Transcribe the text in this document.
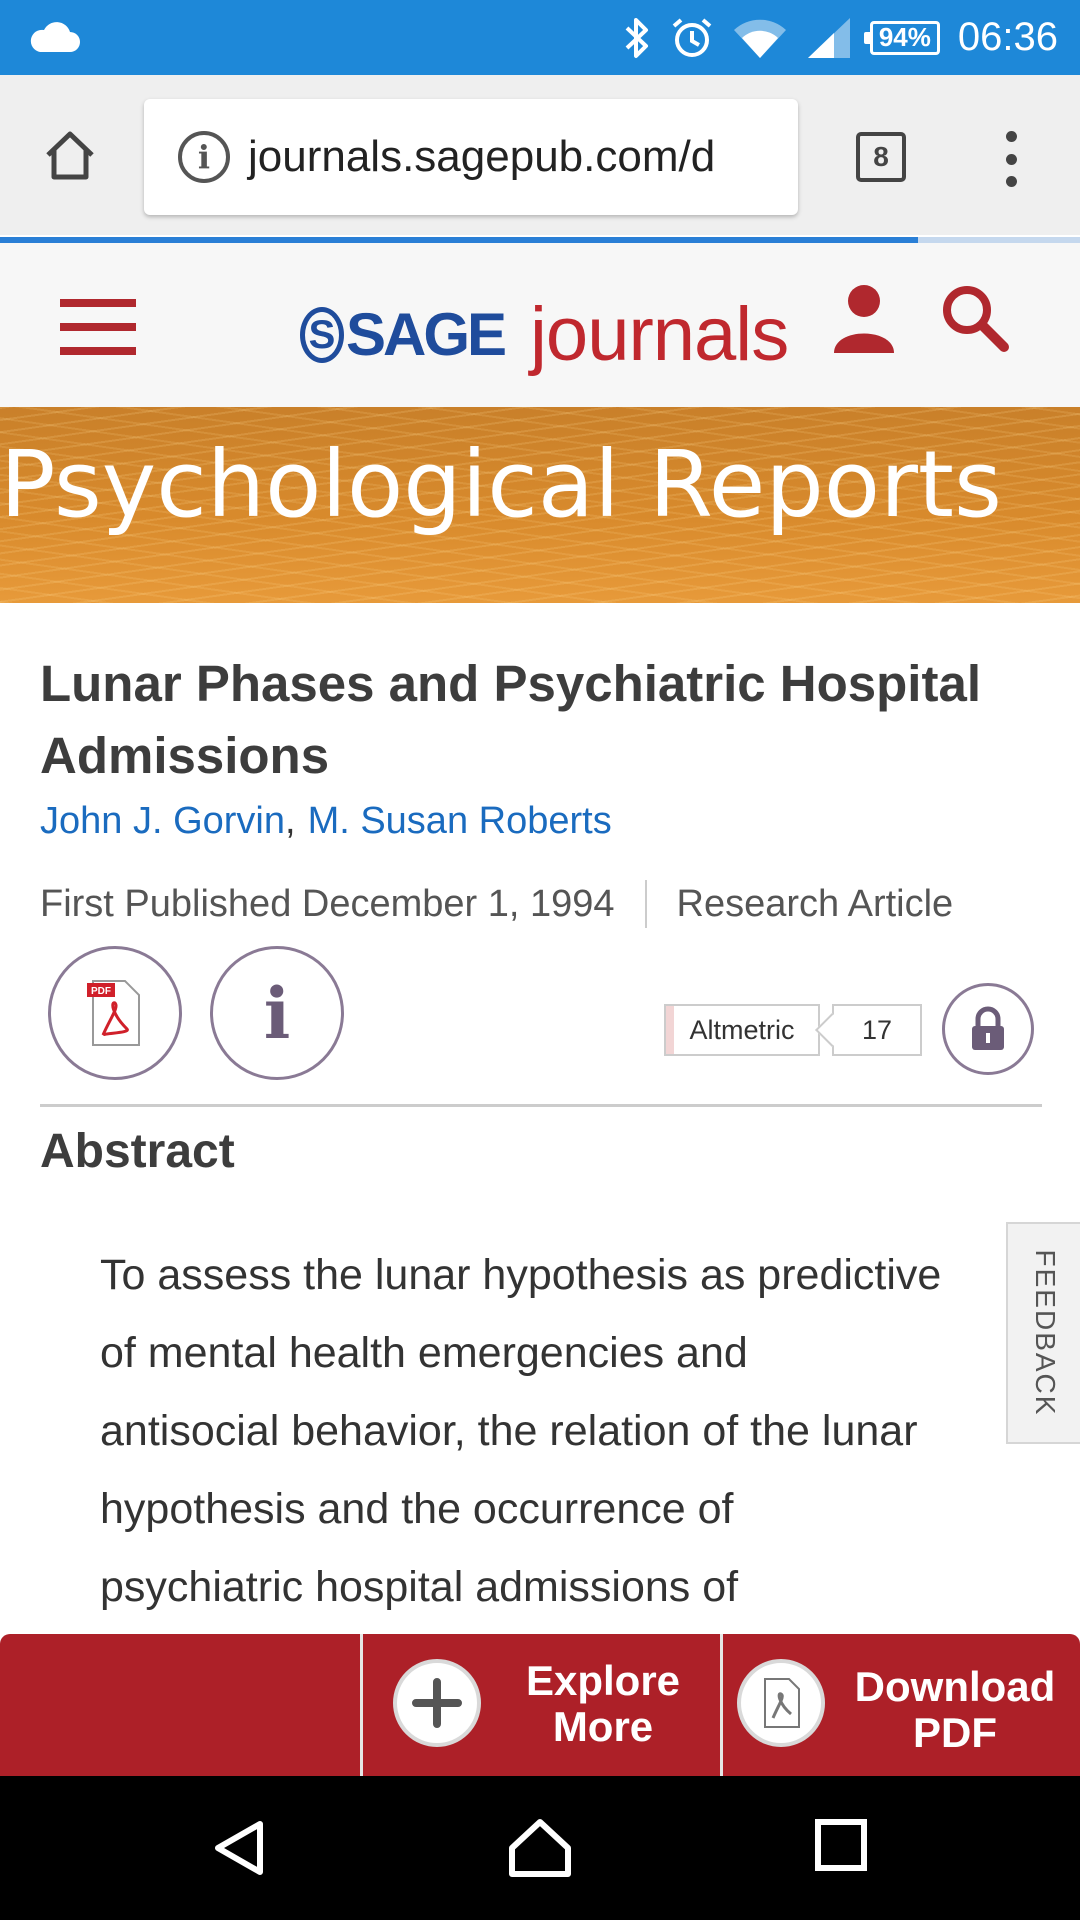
94% 06:36
i journals.sagepub.com/d	8
S SAGE journals
Psychological Reports
Lunar Phases and Psychiatric Hospital Admissions
John J. Gorvin, M. Susan Roberts
First Published December 1, 1994 Research Article
PDF i	Altmetric	17
Abstract
To assess the lunar hypothesis as predictive
of mental health emergencies and
antisocial behavior, the relation of the lunar
hypothesis and the occurrence of
psychiatric hospital admissions of
FEEDBACK
Explore More
Download PDF
